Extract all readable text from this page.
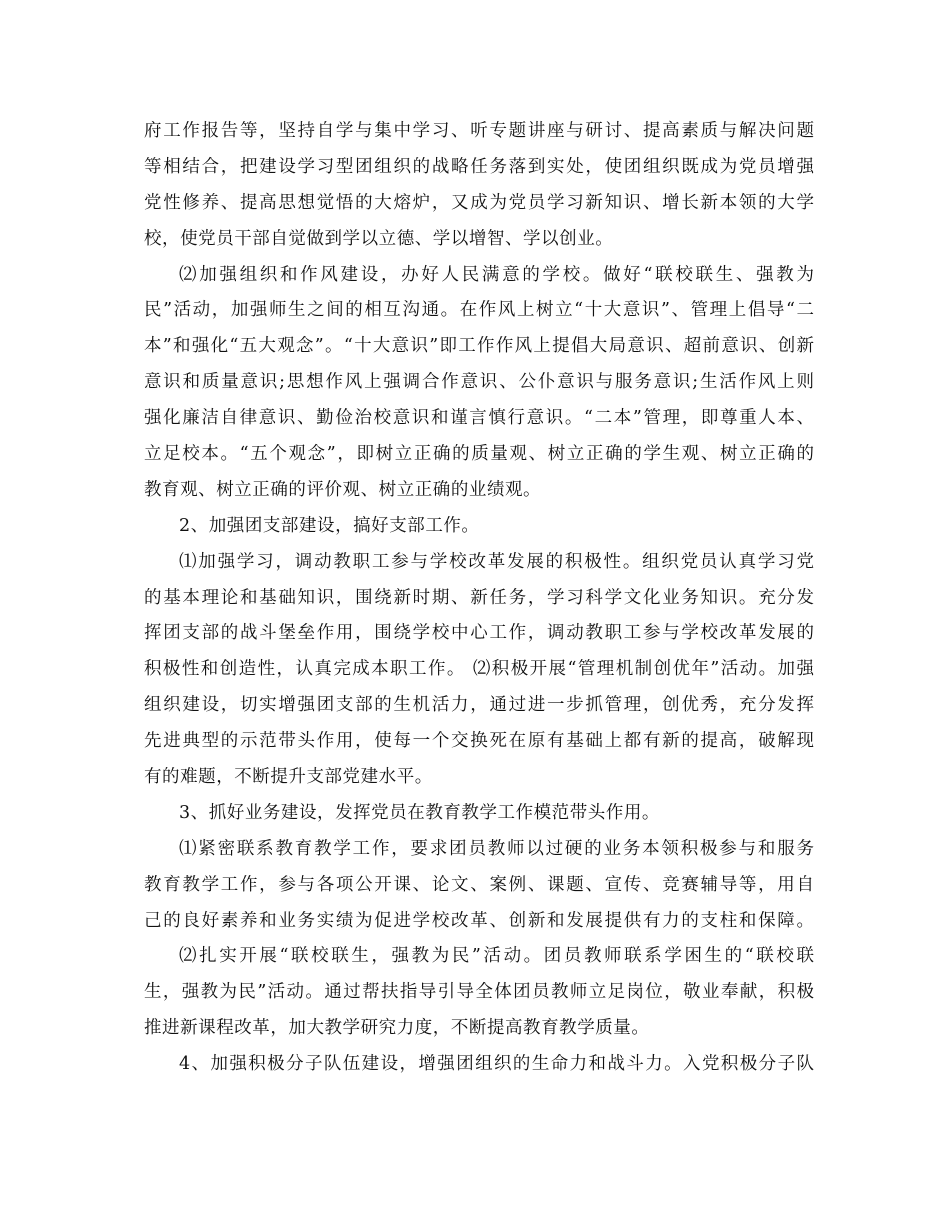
府工作报告等，坚持自学与集中学习、听专题讲座与研讨、提高素质与解决问题
等相结合，把建设学习型团组织的战略任务落到实处，使团组织既成为党员增强
党性修养、提高思想觉悟的大熔炉，又成为党员学习新知识、增长新本领的大学
校，使党员干部自觉做到学以立德、学以增智、学以创业。
⑵加强组织和作风建设，办好人民满意的学校。做好“联校联生、强教为
民”活动，加强师生之间的相互沟通。在作风上树立“十大意识”、管理上倡导“二
本”和强化“五大观念”。“十大意识”即工作作风上提倡大局意识、超前意识、创新
意识和质量意识;思想作风上强调合作意识、公仆意识与服务意识;生活作风上则
强化廉洁自律意识、勤俭治校意识和谨言慎行意识。“二本”管理，即尊重人本、
立足校本。“五个观念”，即树立正确的质量观、树立正确的学生观、树立正确的
教育观、树立正确的评价观、树立正确的业绩观。
2、加强团支部建设，搞好支部工作。
⑴加强学习，调动教职工参与学校改革发展的积极性。组织党员认真学习党
的基本理论和基础知识，围绕新时期、新任务，学习科学文化业务知识。充分发
挥团支部的战斗堡垒作用，围绕学校中心工作，调动教职工参与学校改革发展的
积极性和创造性，认真完成本职工作。 ⑵积极开展“管理机制创优年”活动。加强
组织建设，切实增强团支部的生机活力，通过进一步抓管理，创优秀，充分发挥
先进典型的示范带头作用，使每一个交换死在原有基础上都有新的提高，破解现
有的难题，不断提升支部党建水平。
3、抓好业务建设，发挥党员在教育教学工作模范带头作用。
⑴紧密联系教育教学工作，要求团员教师以过硬的业务本领积极参与和服务
教育教学工作，参与各项公开课、论文、案例、课题、宣传、竞赛辅导等，用自
己的良好素养和业务实绩为促进学校改革、创新和发展提供有力的支柱和保障。
⑵扎实开展“联校联生，强教为民”活动。团员教师联系学困生的“联校联
生，强教为民”活动。通过帮扶指导引导全体团员教师立足岗位，敬业奉献，积极
推进新课程改革，加大教学研究力度，不断提高教育教学质量。
4、加强积极分子队伍建设，增强团组织的生命力和战斗力。入党积极分子队
